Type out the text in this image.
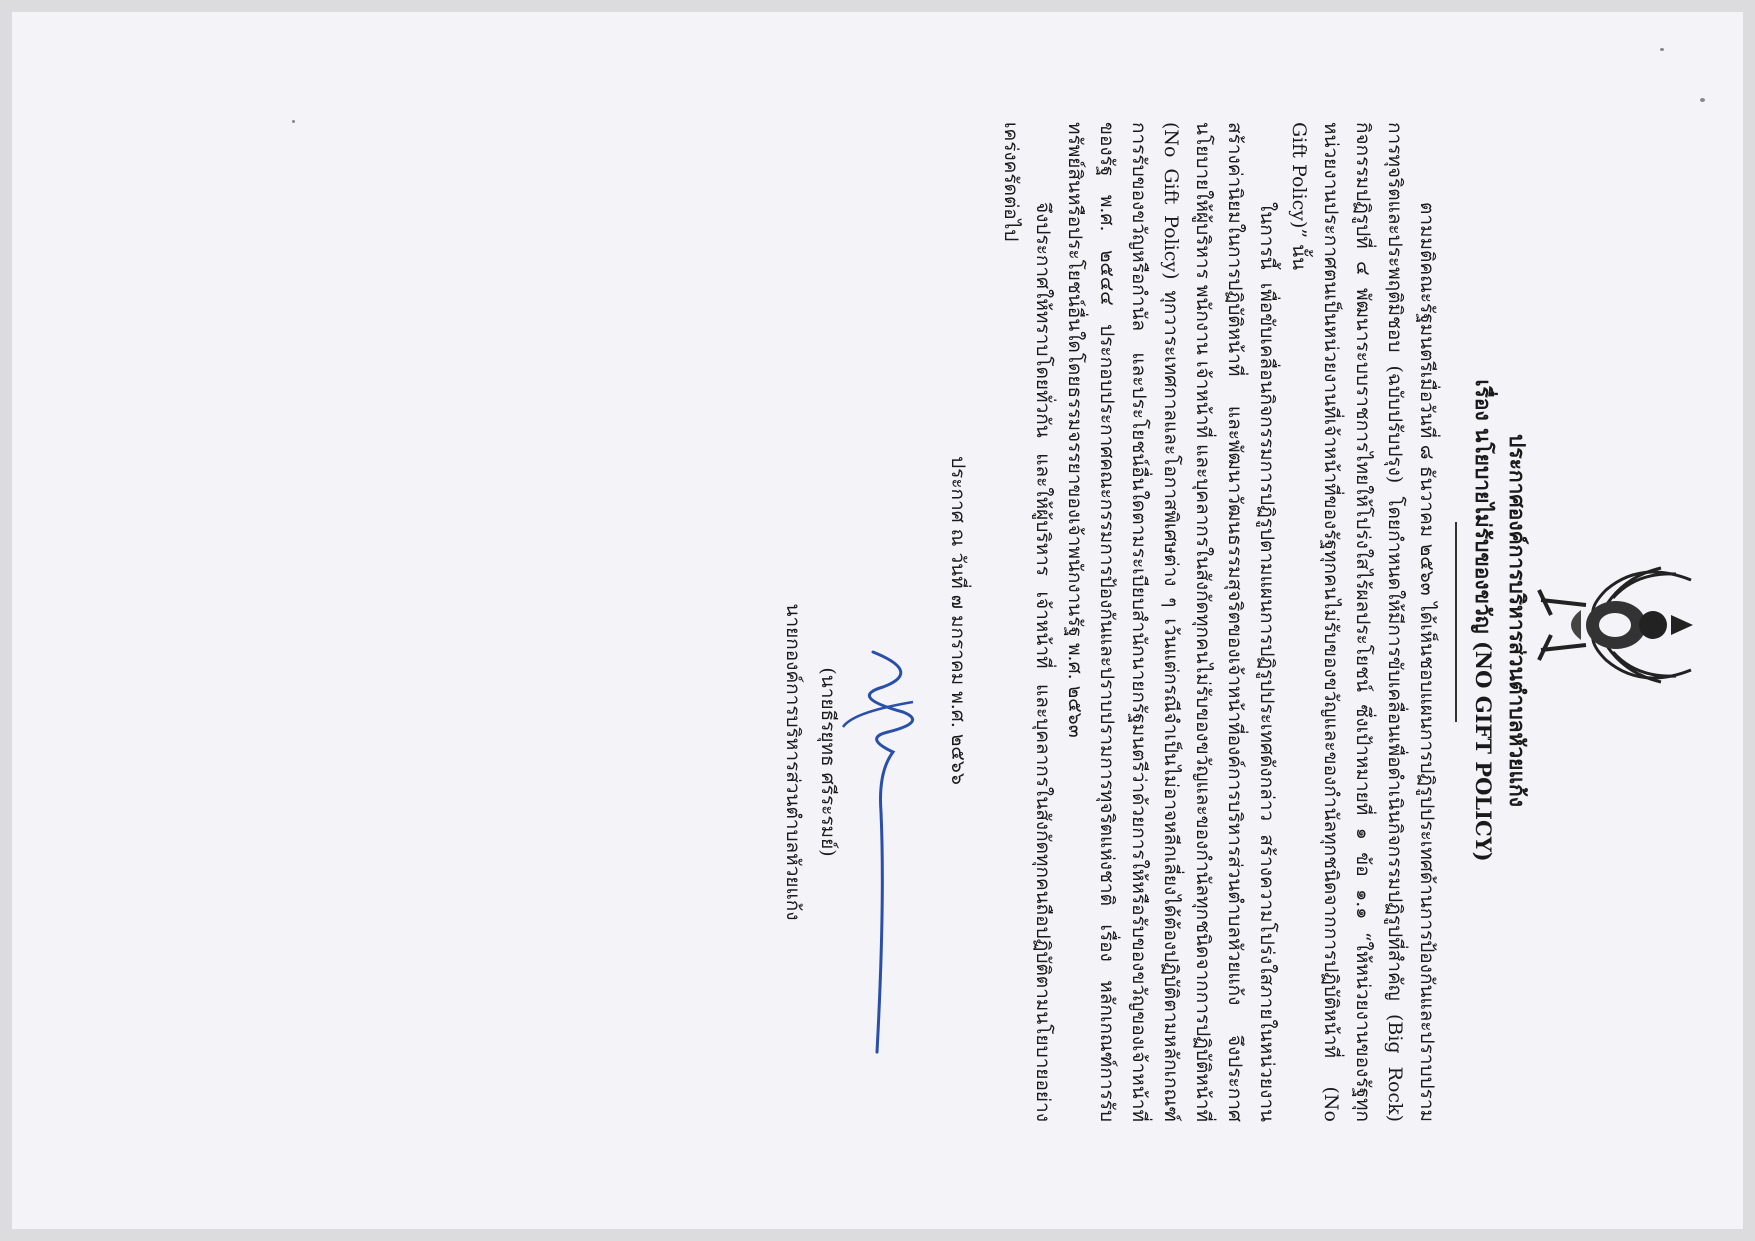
ประกาศองค์การบริหารส่วนตำบลหัวยแก้ง
เรื่อง นโยบายไม่รับของขวัญ (NO GIFT POLICY)

ตามมติคณะรัฐมนตรีเมื่อวันที่ ๘ ธันวาคม ๒๕๖๓ ได้เห็นชอบแผนการปฏิรูปประเทศด้านการป้องกันและปราบปรามการทุจริตและประพฤติมิชอบ (ฉบับปรับปรุง) โดยกำหนดให้มีการขับเคลื่อนเพื่อดำเนินกิจกรรมปฏิรูปที่สำคัญ (Big Rock) กิจกรรมปฏิรูปที่ ๔ พัฒนาระบบราชการไทยให้โปร่งใสไร้ผลประโยชน์ ซึ่งเป้าหมายที่ ๑ ข้อ ๑.๑ “ให้หน่วยงานของรัฐทุกหน่วยงานประกาศตนเป็นหน่วยงานที่เจ้าหน้าที่ของรัฐทุกคนไม่รับของขวัญและของกำนัลทุกชนิดจากการปฏิบัติหน้าที่ (No Gift Policy)” นั้น

ในการนี้ เพื่อขับเคลื่อนกิจกรรมการปฏิรูปตามแผนการปฏิรูปประเทศดังกล่าว สร้างความโปร่งใสภายในหน่วยงาน สร้างค่านิยมในการปฏิบัติหน้าที่ และพัฒนาวัฒนธรรมสุจริตของเจ้าหน้าที่องค์การบริหารส่วนตำบลหัวยแก้ง จึงประกาศนโยบายให้ผู้บริหาร พนักงาน เจ้าหน้าที่ และบุคลากรในสังกัดทุกคนไม่รับของขวัญและของกำนัลทุกชนิดจากการปฏิบัติหน้าที่ (No Gift Policy) ทุกวาระเทศกาลและโอกาสพิเศษต่าง ๆ เว้นแต่กรณีจำเป็นไม่อาจหลีกเลี่ยงได้ต้องปฏิบัติตามหลักเกณฑ์การรับของขวัญหรือกำนัล และประโยชน์อื่นใดตามระเบียบสำนักนายกรัฐมนตรีว่าด้วยการให้หรือรับของขวัญของเจ้าหน้าที่ของรัฐ พ.ศ. ๒๕๔๔ ประกอบประกาศคณะกรรมการป้องกันและปราบปรามการทุจริตแห่งชาติ เรื่อง หลักเกณฑ์การรับทรัพย์สินหรือประโยชน์อื่นใดโดยธรรมจรรยาของเจ้าพนักงานรัฐ พ.ศ. ๒๕๖๓

จึงประกาศให้ทราบโดยทั่วกัน และให้ผู้บริหาร เจ้าหน้าที่ และบุคลากรในสังกัดทุกคนถือปฏิบัติตามนโยบายอย่างเคร่งครัดต่อไป

ประกาศ ณ วันที่ ๗ มกราคม พ.ศ. ๒๕๖๖
(นายธีรยุทธ ศรีระรมย์)
นายกองค์การบริหารส่วนตำบลหัวยแก้ง
